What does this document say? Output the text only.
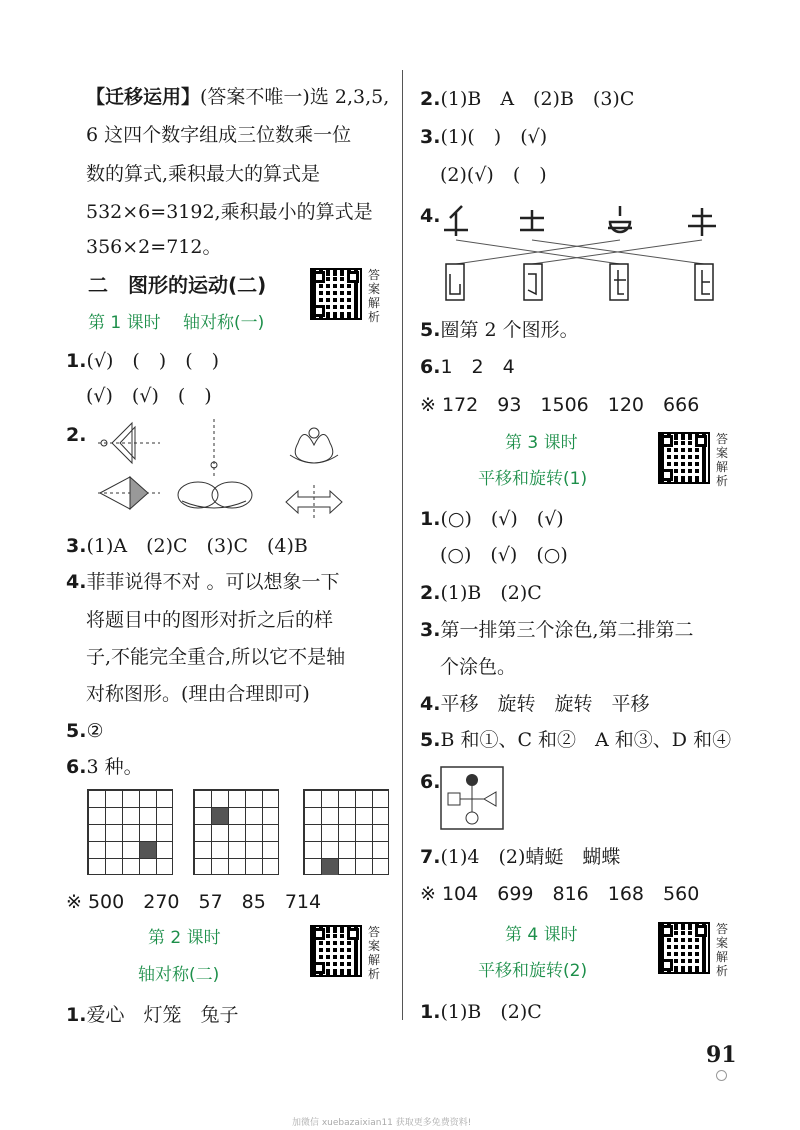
【迁移运用】(答案不唯一)选 2,3,5,
6 这四个数字组成三位数乘一位
数的算式,乘积最大的算式是
532×6=3192,乘积最小的算式是
356×2=712。
二　图形的运动(二)	答案解析
第 1 课时　 轴对称(一)
1.(√)　(　)　(　)
(√)　(√)　(　)
2.
3.(1)A　(2)C　(3)C　(4)B
4.菲菲说得不对 。可以想象一下
将题目中的图形对折之后的样
子,不能完全重合,所以它不是轴
对称图形。(理由合理即可)
5.②
6.3 种。
※ 500　270　57　85　714
第 2 课时	答案解析
轴对称(二)
1.爱心　灯笼　兔子
2.(1)B　A　(2)B　(3)C
3.(1)(　)　(√)
(2)(√)　(　)
4.
5.圈第 2 个图形。
6.1　2　4
※ 172　93　1506　120　666
第 3 课时	答案解析
平移和旋转(1)
1.(○)　(√)　(√)
(○)　(√)　(○)
2.(1)B　(2)C
3.第一排第三个涂色,第二排第二
个涂色。
4.平移　旋转　旋转　平移
5.B 和①、C 和②　A 和③、D 和④
6.
7.(1)4　(2)蜻蜓　蝴蝶
※ 104　699　816　168　560
第 4 课时	答案解析
平移和旋转(2)
1.(1)B　(2)C
91
加微信 xuebazaixian11 获取更多免费资料!
